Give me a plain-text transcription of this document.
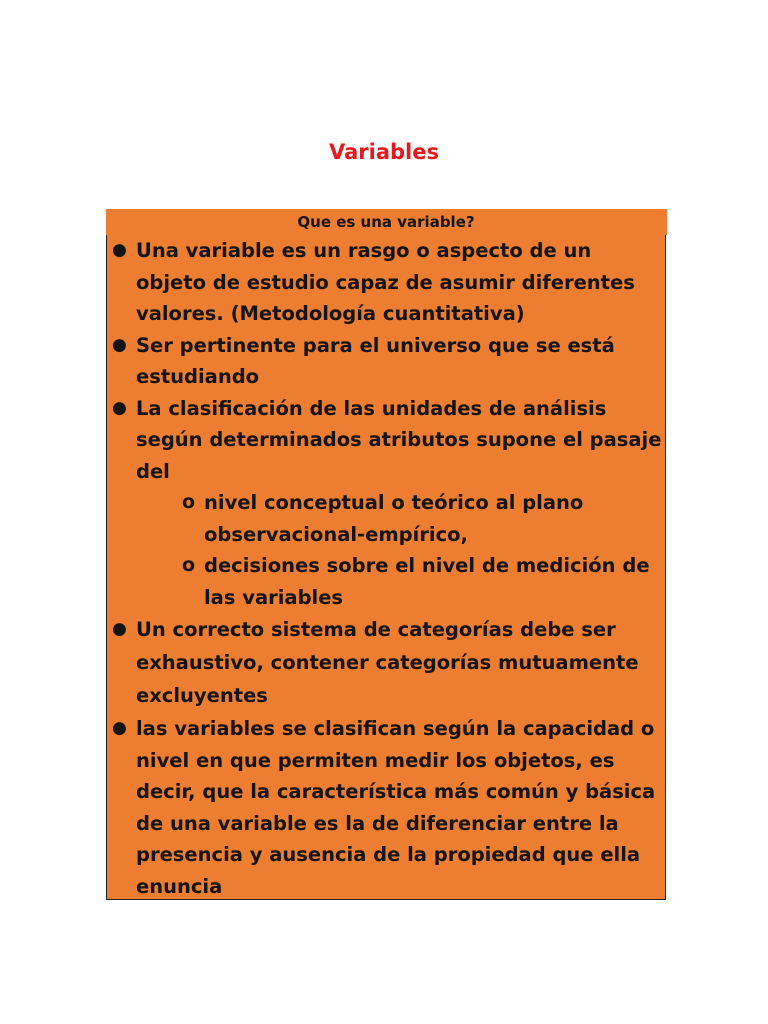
Variables
Que es una variable?
● Una variable es un rasgo o aspecto de un objeto de estudio capaz de asumir diferentes valores. (Metodología cuantitativa)
● Ser pertinente para el universo que se está estudiando
● La clasificación de las unidades de análisis según determinados atributos supone el pasaje del
o nivel conceptual o teórico al plano observacional-empírico,
o decisiones sobre el nivel de medición de las variables
● Un correcto sistema de categorías debe ser exhaustivo, contener categorías mutuamente excluyentes
● las variables se clasifican según la capacidad o nivel en que permiten medir los objetos, es decir, que la característica más común y básica de una variable es la de diferenciar entre la presencia y ausencia de la propiedad que ella enuncia
